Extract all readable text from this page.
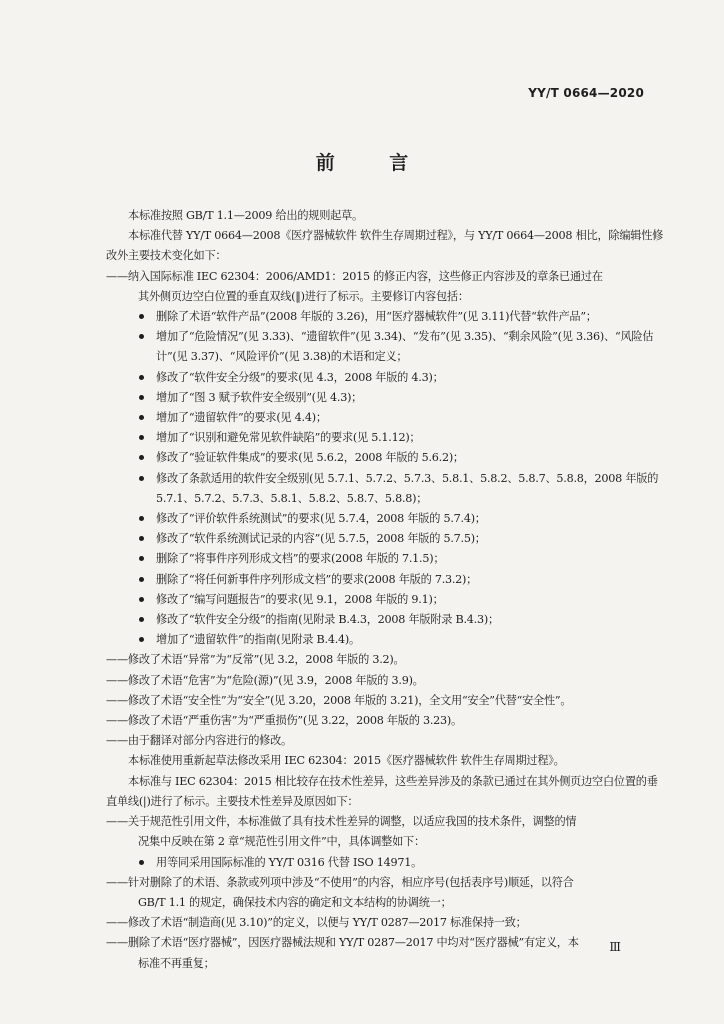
YY/T 0664—2020
前 言

本标准按照 GB/T 1.1—2009 给出的规则起草。

本标准代替 YY/T 0664—2008《医疗器械软件 软件生存周期过程》，与 YY/T 0664—2008 相比，除编辑性修改外主要技术变化如下：

——纳入国际标准 IEC 62304：2006/AMD1：2015 的修正内容，这些修正内容涉及的章条已通过在

其外侧页边空白位置的垂直双线(‖)进行了标示。主要修订内容包括：

删除了术语“软件产品”(2008 年版的 3.26)，用“医疗器械软件”(见 3.11)代替“软件产品”；
增加了“危险情况”(见 3.33)、“遗留软件”(见 3.34)、“发布”(见 3.35)、“剩余风险”(见 3.36)、“风险估计”(见 3.37)、“风险评价”(见 3.38)的术语和定义；
修改了“软件安全分级”的要求(见 4.3，2008 年版的 4.3)；
增加了“图 3 赋予软件安全级别”(见 4.3)；
增加了“遗留软件”的要求(见 4.4)；
增加了“识别和避免常见软件缺陷”的要求(见 5.1.12)；
修改了“验证软件集成”的要求(见 5.6.2，2008 年版的 5.6.2)；
修改了条款适用的软件安全级别(见 5.7.1、5.7.2、5.7.3、5.8.1、5.8.2、5.8.7、5.8.8，2008 年版的 5.7.1、5.7.2、5.7.3、5.8.1、5.8.2、5.8.7、5.8.8)；
修改了“评价软件系统测试”的要求(见 5.7.4，2008 年版的 5.7.4)；
修改了“软件系统测试记录的内容”(见 5.7.5，2008 年版的 5.7.5)；
删除了“将事件序列形成文档”的要求(2008 年版的 7.1.5)；
删除了“将任何新事件序列形成文档”的要求(2008 年版的 7.3.2)；
修改了“编写问题报告”的要求(见 9.1，2008 年版的 9.1)；
修改了“软件安全分级”的指南(见附录 B.4.3，2008 年版附录 B.4.3)；
增加了“遗留软件”的指南(见附录 B.4.4)。

——修改了术语“异常”为“反常”(见 3.2，2008 年版的 3.2)。

——修改了术语“危害”为“危险(源)”(见 3.9，2008 年版的 3.9)。

——修改了术语“安全性”为“安全”(见 3.20，2008 年版的 3.21)，全文用“安全”代替“安全性”。

——修改了术语“严重伤害”为“严重损伤”(见 3.22，2008 年版的 3.23)。

——由于翻译对部分内容进行的修改。

本标准使用重新起草法修改采用 IEC 62304：2015《医疗器械软件 软件生存周期过程》。

本标准与 IEC 62304：2015 相比较存在技术性差异，这些差异涉及的条款已通过在其外侧页边空白位置的垂直单线(|)进行了标示。主要技术性差异及原因如下：

——关于规范性引用文件，本标准做了具有技术性差异的调整，以适应我国的技术条件，调整的情

况集中反映在第 2 章“规范性引用文件”中，具体调整如下：

用等同采用国际标准的 YY/T 0316 代替 ISO 14971。

——针对删除了的术语、条款或列项中涉及“不使用”的内容，相应序号(包括表序号)顺延，以符合

GB/T 1.1 的规定，确保技术内容的确定和文本结构的协调统一；

——修改了术语“制造商(见 3.10)”的定义，以便与 YY/T 0287—2017 标准保持一致；

——删除了术语“医疗器械”，因医疗器械法规和 YY/T 0287—2017 中均对“医疗器械”有定义，本

标准不再重复；

Ⅲ
